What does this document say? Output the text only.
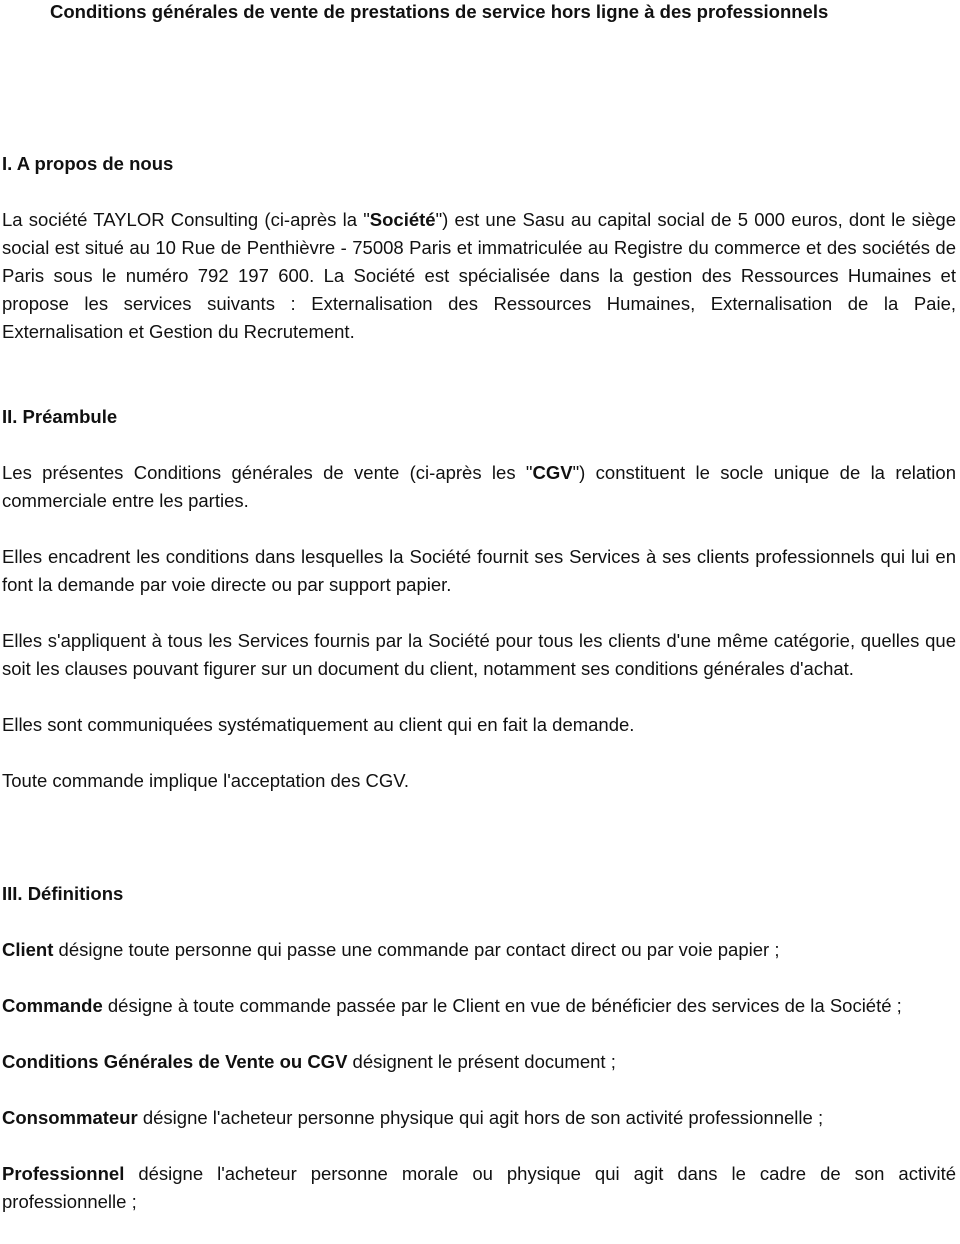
Conditions générales de vente de prestations de service hors ligne à des professionnels
I. A propos de nous

La société TAYLOR Consulting (ci-après la "Société") est une Sasu au capital social de 5 000 euros, dont le siège social est situé au 10 Rue de Penthièvre - 75008 Paris et immatriculée au Registre du commerce et des sociétés de Paris sous le numéro 792 197 600. La Société est spécialisée dans la gestion des Ressources Humaines et propose les services suivants : Externalisation des Ressources Humaines, Externalisation de la Paie, Externalisation et Gestion du Recrutement.

II. Préambule

Les présentes Conditions générales de vente (ci-après les "CGV") constituent le socle unique de la relation commerciale entre les parties.

Elles encadrent les conditions dans lesquelles la Société fournit ses Services à ses clients professionnels qui lui en font la demande par voie directe ou par support papier.

Elles s'appliquent à tous les Services fournis par la Société pour tous les clients d'une même catégorie, quelles que soit les clauses pouvant figurer sur un document du client, notamment ses conditions générales d'achat.

Elles sont communiquées systématiquement au client qui en fait la demande.

Toute commande implique l'acceptation des CGV.

III. Définitions

Client désigne toute personne qui passe une commande par contact direct ou par voie papier ;

Commande désigne à toute commande passée par le Client en vue de bénéficier des services de la Société ;

Conditions Générales de Vente ou CGV désignent le présent document ;

Consommateur désigne l'acheteur personne physique qui agit hors de son activité professionnelle ;

Professionnel désigne l'acheteur personne morale ou physique qui agit dans le cadre de son activité professionnelle ;
